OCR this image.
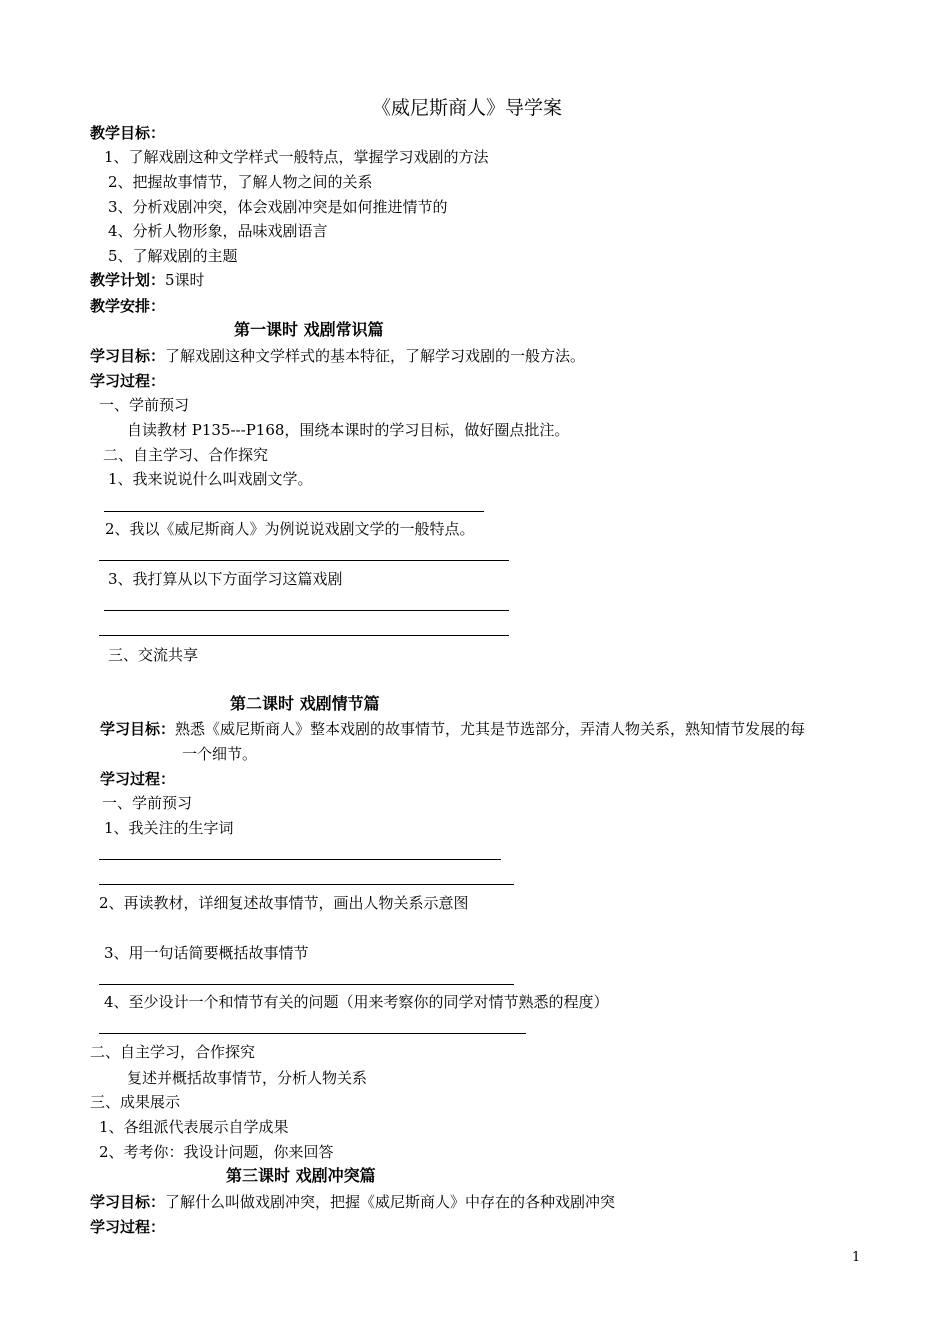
《威尼斯商人》导学案
教学目标：
1、了解戏剧这种文学样式一般特点，掌握学习戏剧的方法
2、把握故事情节，了解人物之间的关系
3、分析戏剧冲突，体会戏剧冲突是如何推进情节的
4、分析人物形象，品味戏剧语言
5、了解戏剧的主题
教学计划：5课时
教学安排：
第一课时 戏剧常识篇
学习目标：了解戏剧这种文学样式的基本特征，了解学习戏剧的一般方法。
学习过程：
一、学前预习
自读教材 P135---P168，围绕本课时的学习目标，做好圈点批注。
二、自主学习、合作探究
1、我来说说什么叫戏剧文学。
2、我以《威尼斯商人》为例说说戏剧文学的一般特点。
3、我打算从以下方面学习这篇戏剧
三、交流共享
第二课时 戏剧情节篇
学习目标：熟悉《威尼斯商人》整本戏剧的故事情节，尤其是节选部分，弄清人物关系，熟知情节发展的每
一个细节。
学习过程：
一、学前预习
1、我关注的生字词
2、再读教材，详细复述故事情节，画出人物关系示意图
3、用一句话简要概括故事情节
4、至少设计一个和情节有关的问题（用来考察你的同学对情节熟悉的程度）
二、自主学习，合作探究
复述并概括故事情节，分析人物关系
三、成果展示
1、各组派代表展示自学成果
2、考考你：我设计问题，你来回答
第三课时 戏剧冲突篇
学习目标：了解什么叫做戏剧冲突，把握《威尼斯商人》中存在的各种戏剧冲突
学习过程：
1
